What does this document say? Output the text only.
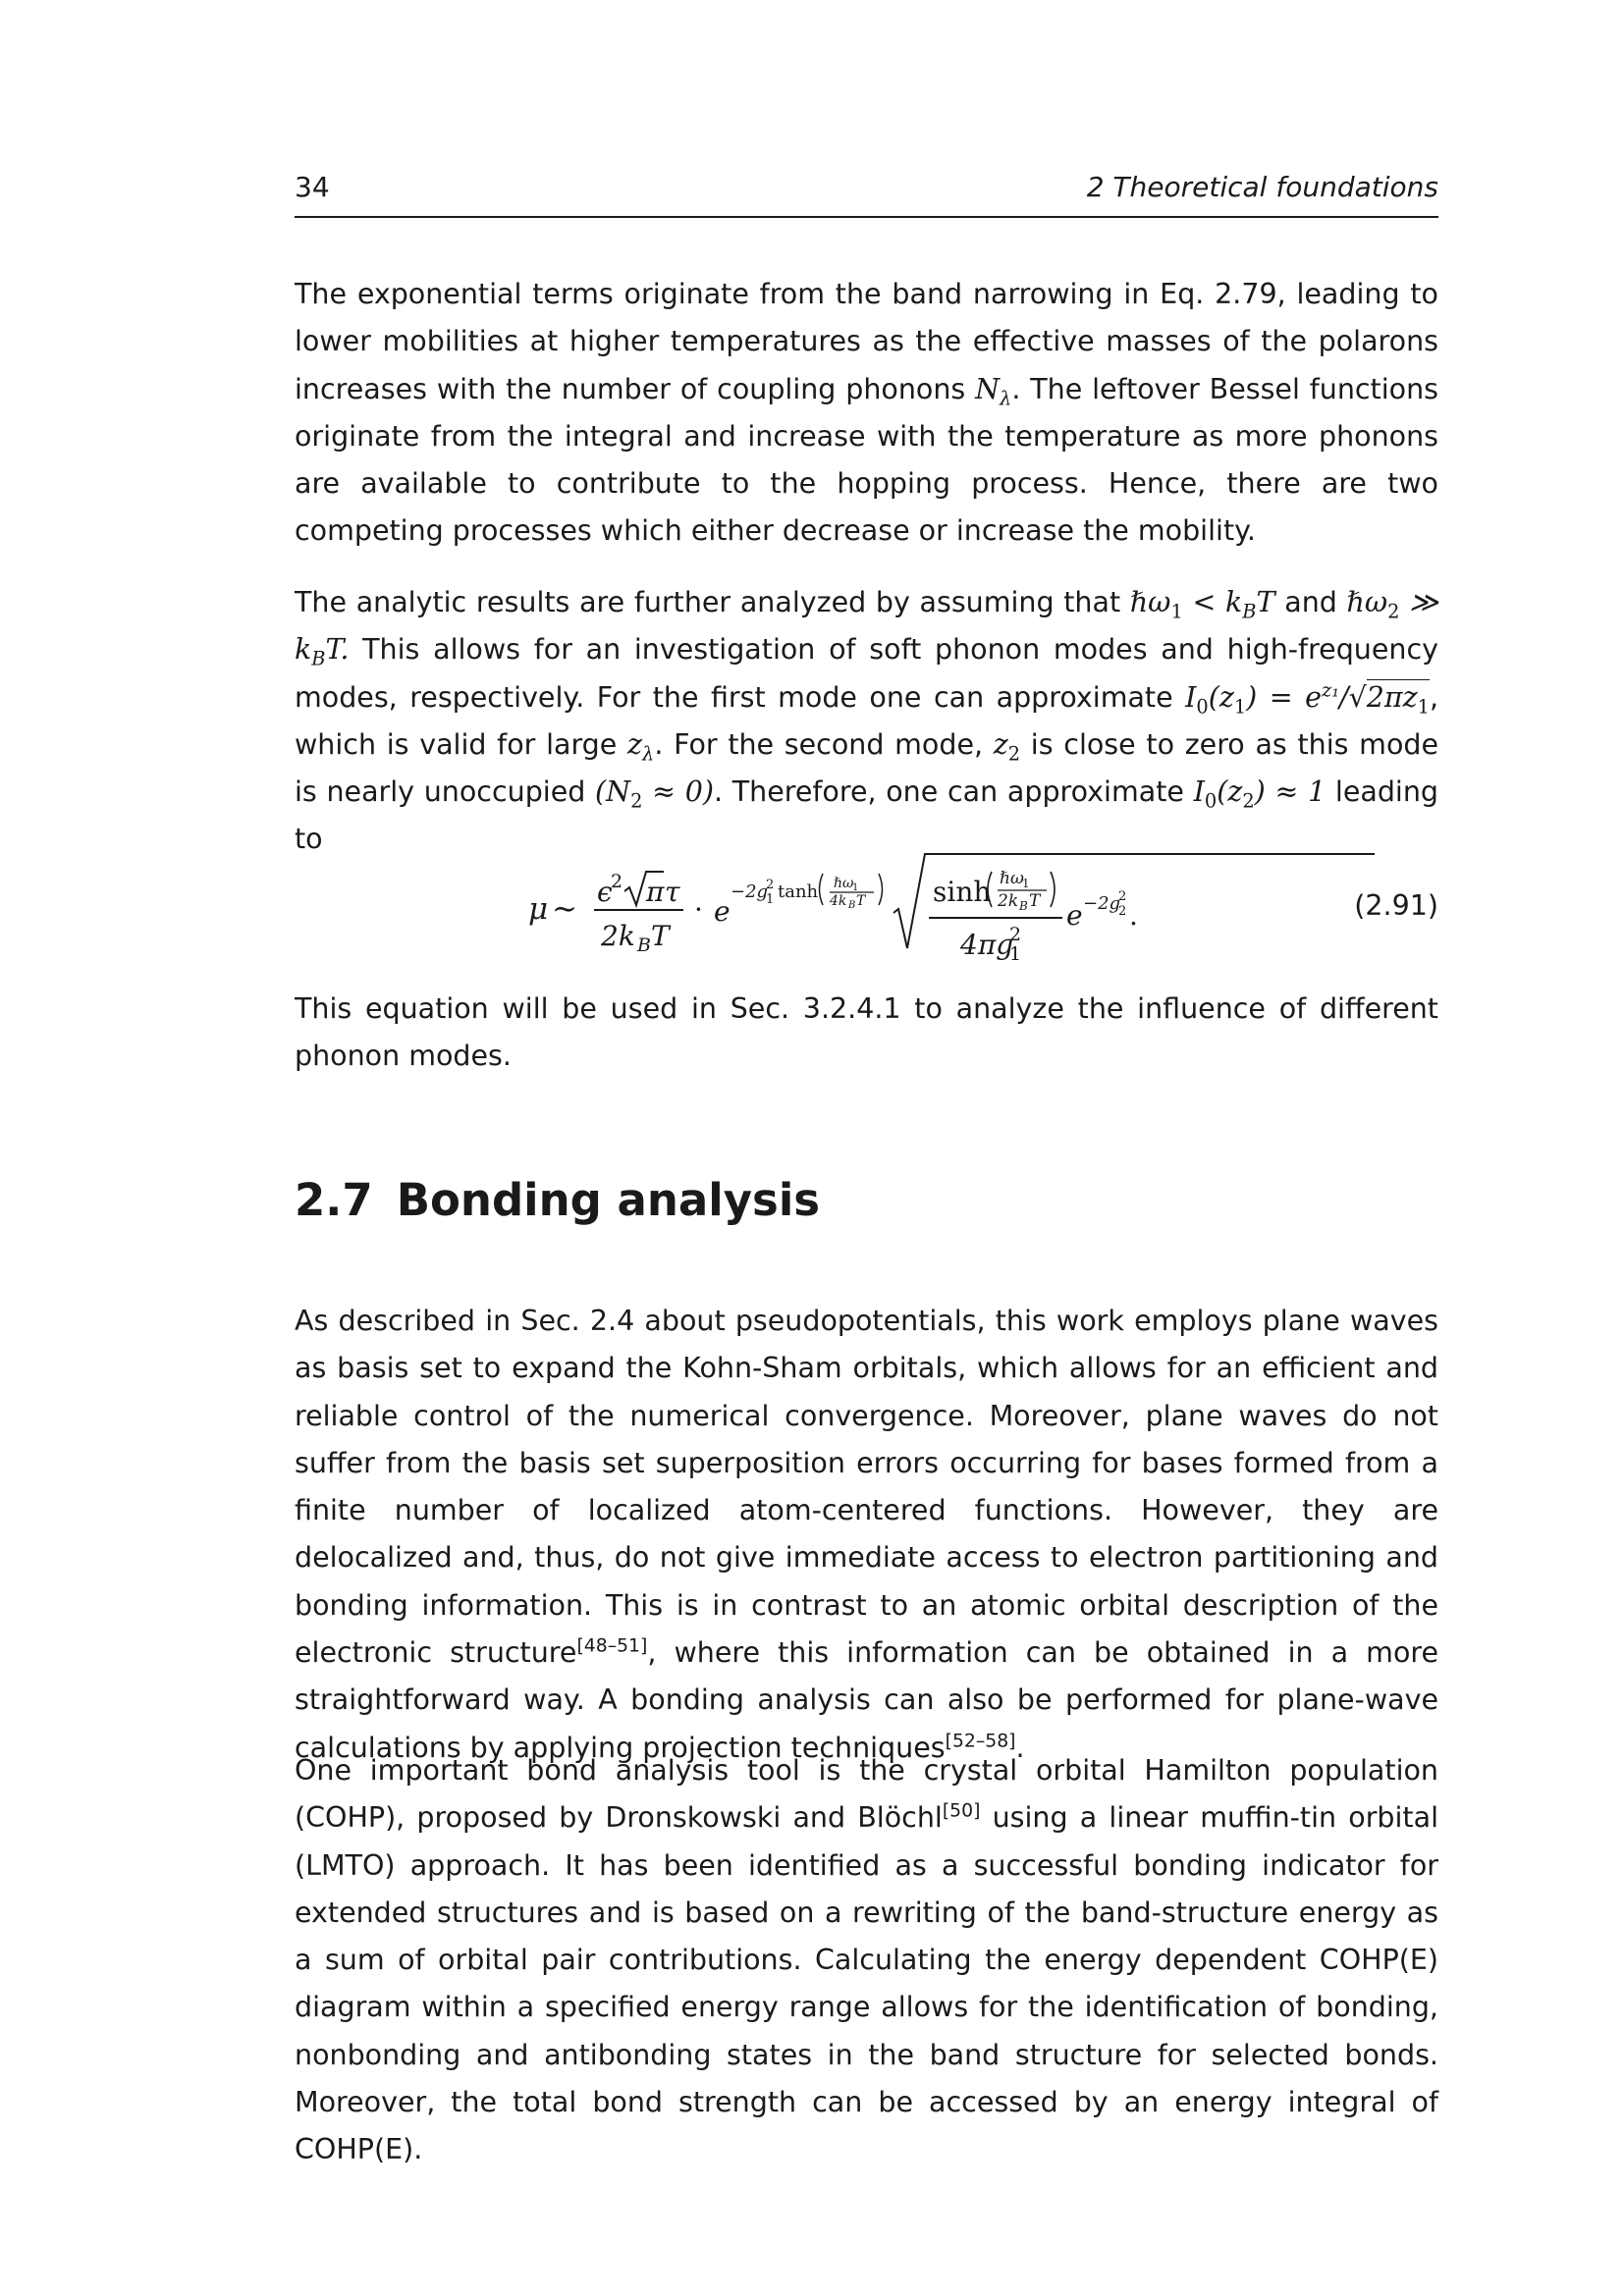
34	2 Theoretical foundations

The exponential terms originate from the band narrowing in Eq. 2.79, leading to lower mobilities at higher temperatures as the effective masses of the polarons increases with the number of coupling phonons $N_\lambda$. The leftover Bessel functions originate from the integral and increase with the temperature as more phonons are available to contribute to the hopping process. Hence, there are two competing processes which either decrease or increase the mobility.

The analytic results are further analyzed by assuming that ℏω$_1$ < $k_BT$ and ℏω$_2$ ≫ $k_BT$. This allows for an investigation of soft phonon modes and high-frequency modes, respectively. For the first mode one can approximate $I_0(z_1) = e^{z_1}/√2\pi z_1$, which is valid for large $z_\lambda$. For the second mode, $z_2$ is close to zero as this mode is nearly unoccupied $(N_2 \approx 0)$. Therefore, one can approximate $I_0(z_2) \approx 1$ leading to

μ ∼ ϵ
2 π τ
2k B T
· e
−2g
2
1 tanh ℏω
1
4k B T sinh ℏω
1
2k B T
4πg
2
1
e −2g
2
2 .	(2.91)

This equation will be used in Sec. 3.2.4.1 to analyze the influence of different phonon modes.

2.7 Bonding analysis

As described in Sec. 2.4 about pseudopotentials, this work employs plane waves as basis set to expand the Kohn-Sham orbitals, which allows for an efficient and reliable control of the numerical convergence. Moreover, plane waves do not suffer from the basis set superposition errors occurring for bases formed from a finite number of localized atom-centered functions. However, they are delocalized and, thus, do not give immediate access to electron partitioning and bonding information. This is in contrast to an atomic orbital description of the electronic structure[48–51], where this information can be obtained in a more straightforward way. A bonding analysis can also be performed for plane-wave calculations by applying projection techniques[52–58].

One important bond analysis tool is the crystal orbital Hamilton population (COHP), proposed by Dronskowski and Blöchl[50] using a linear muffin-tin orbital (LMTO) approach. It has been identified as a successful bonding indicator for extended structures and is based on a rewriting of the band-structure energy as a sum of orbital pair contributions. Calculating the energy dependent COHP(E) diagram within a specified energy range allows for the identification of bonding, nonbonding and antibonding states in the band structure for selected bonds. Moreover, the total bond strength can be accessed by an energy integral of COHP(E).
